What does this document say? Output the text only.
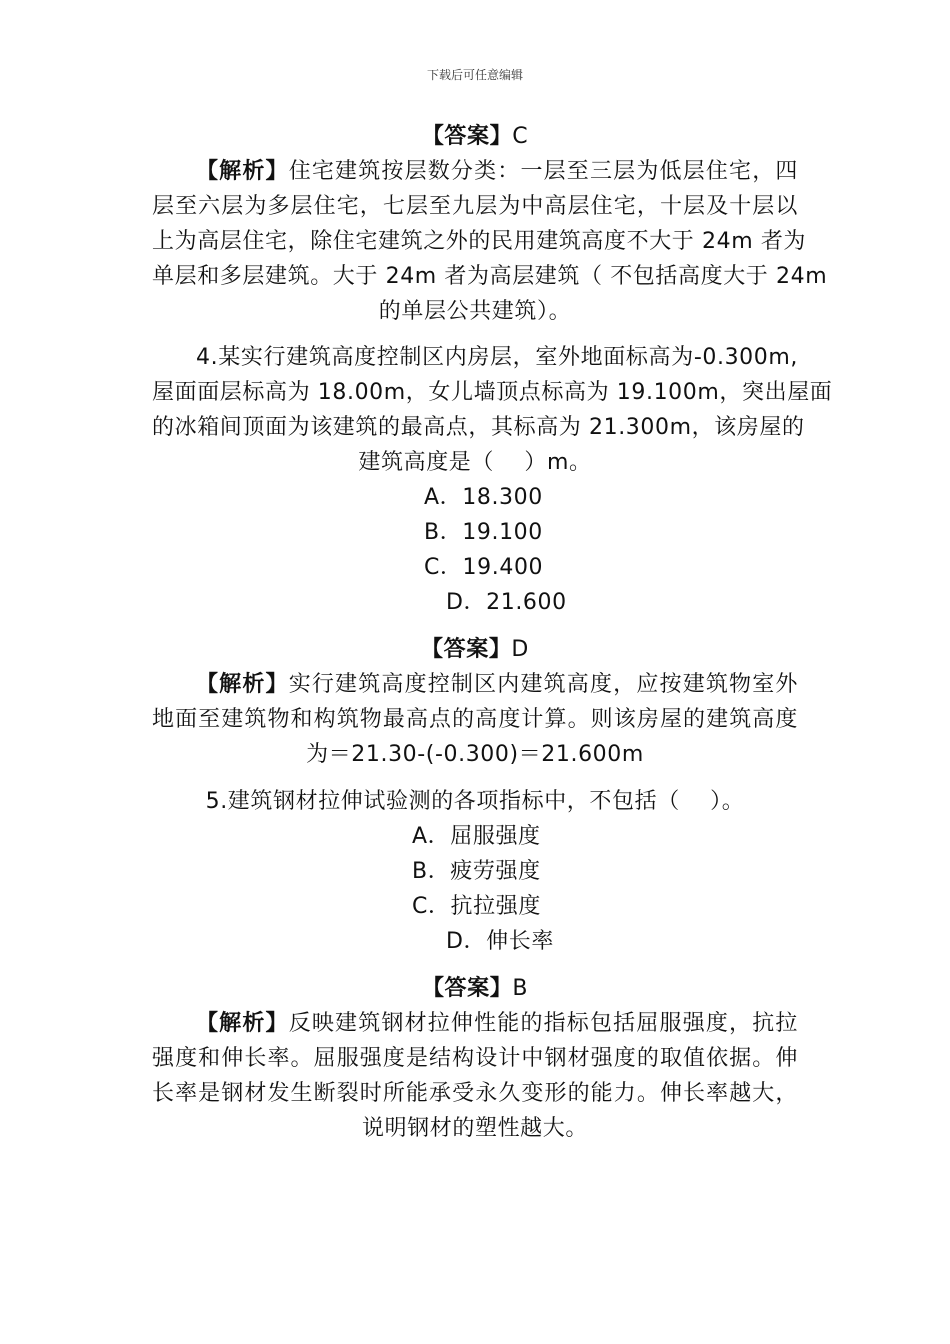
下载后可任意编辑
【答案】C
【解析】住宅建筑按层数分类：一层至三层为低层住宅，四
层至六层为多层住宅，七层至九层为中高层住宅，十层及十层以
上为高层住宅，除住宅建筑之外的民用建筑高度不大于 24m 者为
单层和多层建筑。大于 24m 者为高层建筑（ 不包括高度大于 24m
的单层公共建筑）。
4.某实行建筑高度控制区内房层，室外地面标高为-0.300m,
屋面面层标高为 18.00m，女儿墙顶点标高为 19.100m，突出屋面
的冰箱间顶面为该建筑的最高点，其标高为 21.300m，该房屋的
建筑高度是（    ）m。
A．18.300
B．19.100
C．19.400
D．21.600
【答案】D
【解析】实行建筑高度控制区内建筑高度，应按建筑物室外
地面至建筑物和构筑物最高点的高度计算。则该房屋的建筑高度
为＝21.30-(-0.300)＝21.600m
5.建筑钢材拉伸试验测的各项指标中，不包括（    ）。
A．屈服强度
B．疲劳强度
C．抗拉强度
D．伸长率
【答案】B
【解析】反映建筑钢材拉伸性能的指标包括屈服强度，抗拉
强度和伸长率。屈服强度是结构设计中钢材强度的取值依据。伸
长率是钢材发生断裂时所能承受永久变形的能力。伸长率越大，
说明钢材的塑性越大。
